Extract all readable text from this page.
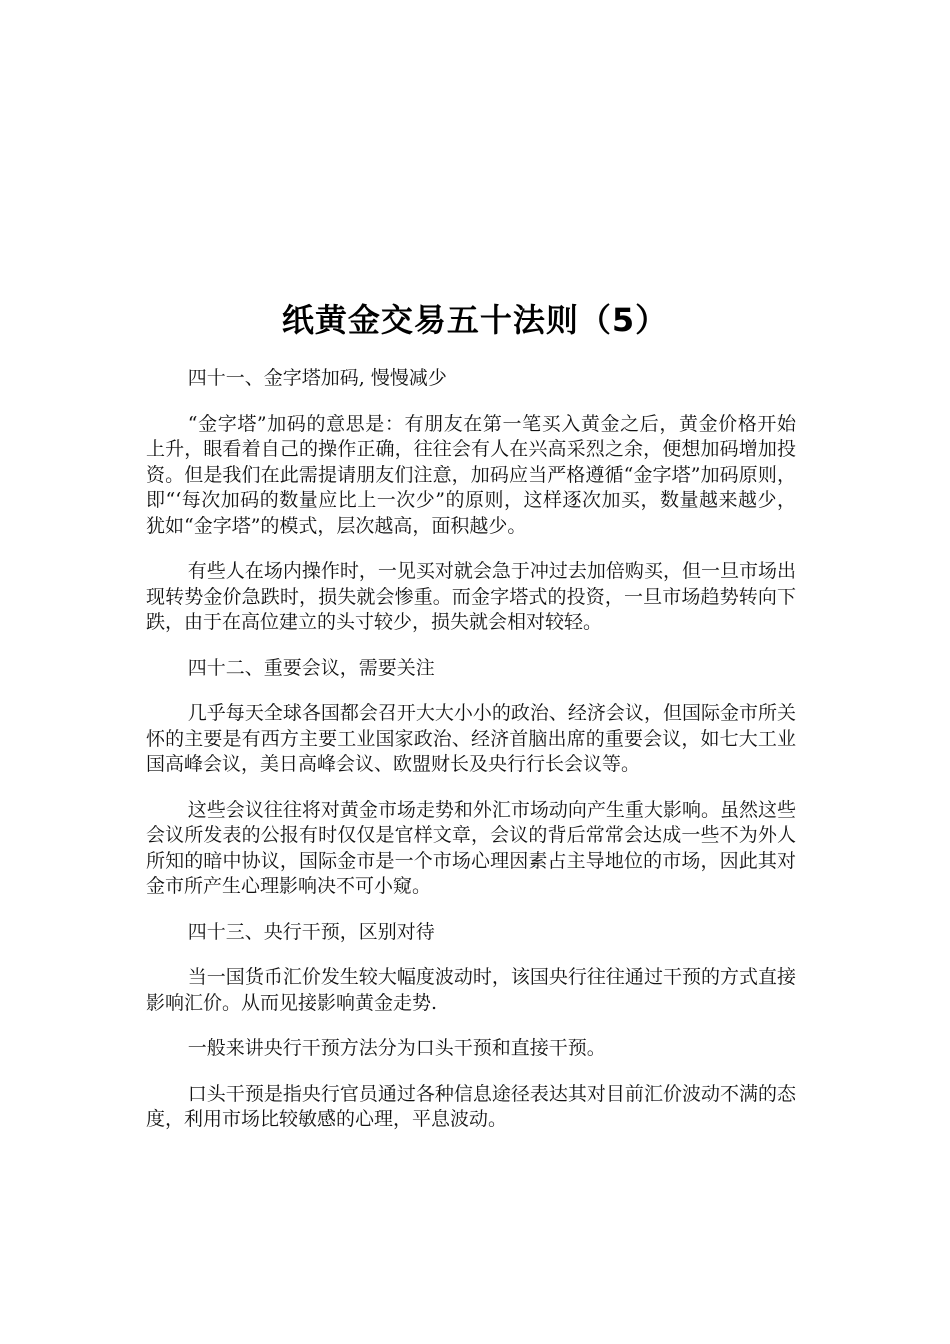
纸黄金交易五十法则（5）

四十一、金字塔加码, 慢慢减少

“金字塔”加码的意思是：有朋友在第一笔买入黄金之后，黄金价格开始上升，眼看着自己的操作正确，往往会有人在兴高采烈之余，便想加码增加投资。但是我们在此需提请朋友们注意，加码应当严格遵循“金字塔”加码原则，即“‘每次加码的数量应比上一次少”的原则，这样逐次加买，数量越来越少，犹如“金字塔”的模式，层次越高，面积越少。

有些人在场内操作时，一见买对就会急于冲过去加倍购买，但一旦市场出现转势金价急跌时，损失就会惨重。而金字塔式的投资，一旦市场趋势转向下跌，由于在高位建立的头寸较少，损失就会相对较轻。

四十二、重要会议，需要关注

几乎每天全球各国都会召开大大小小的政治、经济会议，但国际金市所关怀的主要是有西方主要工业国家政治、经济首脑出席的重要会议，如七大工业国高峰会议，美日高峰会议、欧盟财长及央行行长会议等。

这些会议往往将对黄金市场走势和外汇市场动向产生重大影响。虽然这些会议所发表的公报有时仅仅是官样文章，会议的背后常常会达成一些不为外人所知的暗中协议，国际金市是一个市场心理因素占主导地位的市场，因此其对金市所产生心理影响决不可小窥。

四十三、央行干预，区别对待

当一国货币汇价发生较大幅度波动时，该国央行往往通过干预的方式直接影响汇价。从而见接影响黄金走势.

一般来讲央行干预方法分为口头干预和直接干预。

口头干预是指央行官员通过各种信息途径表达其对目前汇价波动不满的态度，利用市场比较敏感的心理，平息波动。
